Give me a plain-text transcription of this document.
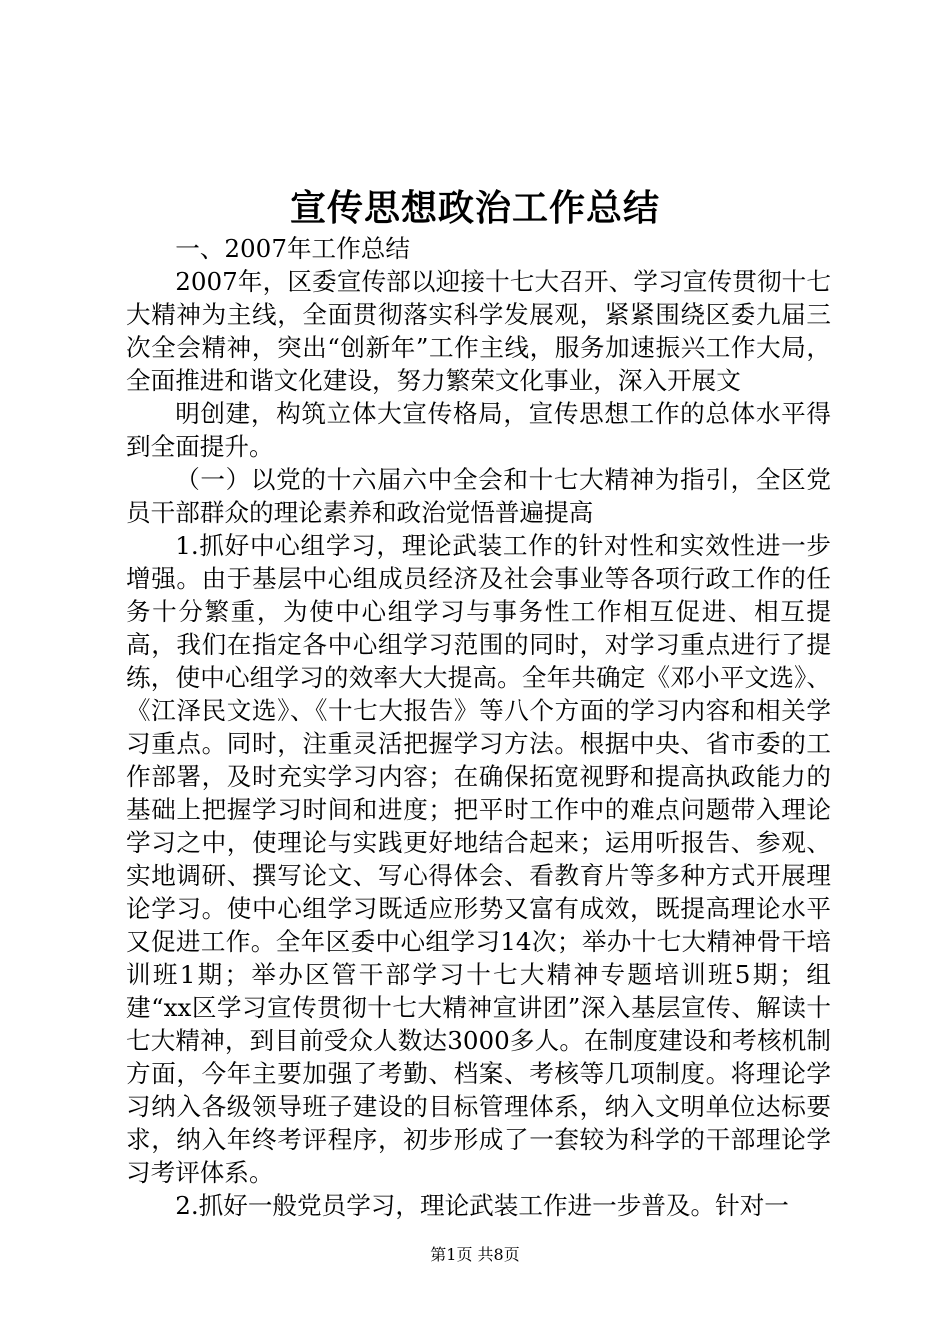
宣传思想政治工作总结

一、2007年工作总结

2007年，区委宣传部以迎接十七大召开、学习宣传贯彻十七大精神为主线，全面贯彻落实科学发展观，紧紧围绕区委九届三次全会精神，突出“创新年”工作主线，服务加速振兴工作大局，全面推进和谐文化建设，努力繁荣文化事业，深入开展文

明创建，构筑立体大宣传格局，宣传思想工作的总体水平得到全面提升。

（一）以党的十六届六中全会和十七大精神为指引，全区党员干部群众的理论素养和政治觉悟普遍提高

1.抓好中心组学习，理论武装工作的针对性和实效性进一步增强。由于基层中心组成员经济及社会事业等各项行政工作的任务十分繁重，为使中心组学习与事务性工作相互促进、相互提高，我们在指定各中心组学习范围的同时，对学习重点进行了提练，使中心组学习的效率大大提高。全年共确定《邓小平文选》、《江泽民文选》、《十七大报告》等八个方面的学习内容和相关学习重点。同时，注重灵活把握学习方法。根据中央、省市委的工作部署，及时充实学习内容；在确保拓宽视野和提高执政能力的基础上把握学习时间和进度；把平时工作中的难点问题带入理论学习之中，使理论与实践更好地结合起来；运用听报告、参观、实地调研、撰写论文、写心得体会、看教育片等多种方式开展理论学习。使中心组学习既适应形势又富有成效，既提高理论水平又促进工作。全年区委中心组学习14次；举办十七大精神骨干培训班1期；举办区管干部学习十七大精神专题培训班5期；组建“xx区学习宣传贯彻十七大精神宣讲团”深入基层宣传、解读十七大精神，到目前受众人数达3000多人。在制度建设和考核机制方面，今年主要加强了考勤、档案、考核等几项制度。将理论学习纳入各级领导班子建设的目标管理体系，纳入文明单位达标要求，纳入年终考评程序，初步形成了一套较为科学的干部理论学习考评体系。

2.抓好一般党员学习，理论武装工作进一步普及。针对一

第1页 共8页
